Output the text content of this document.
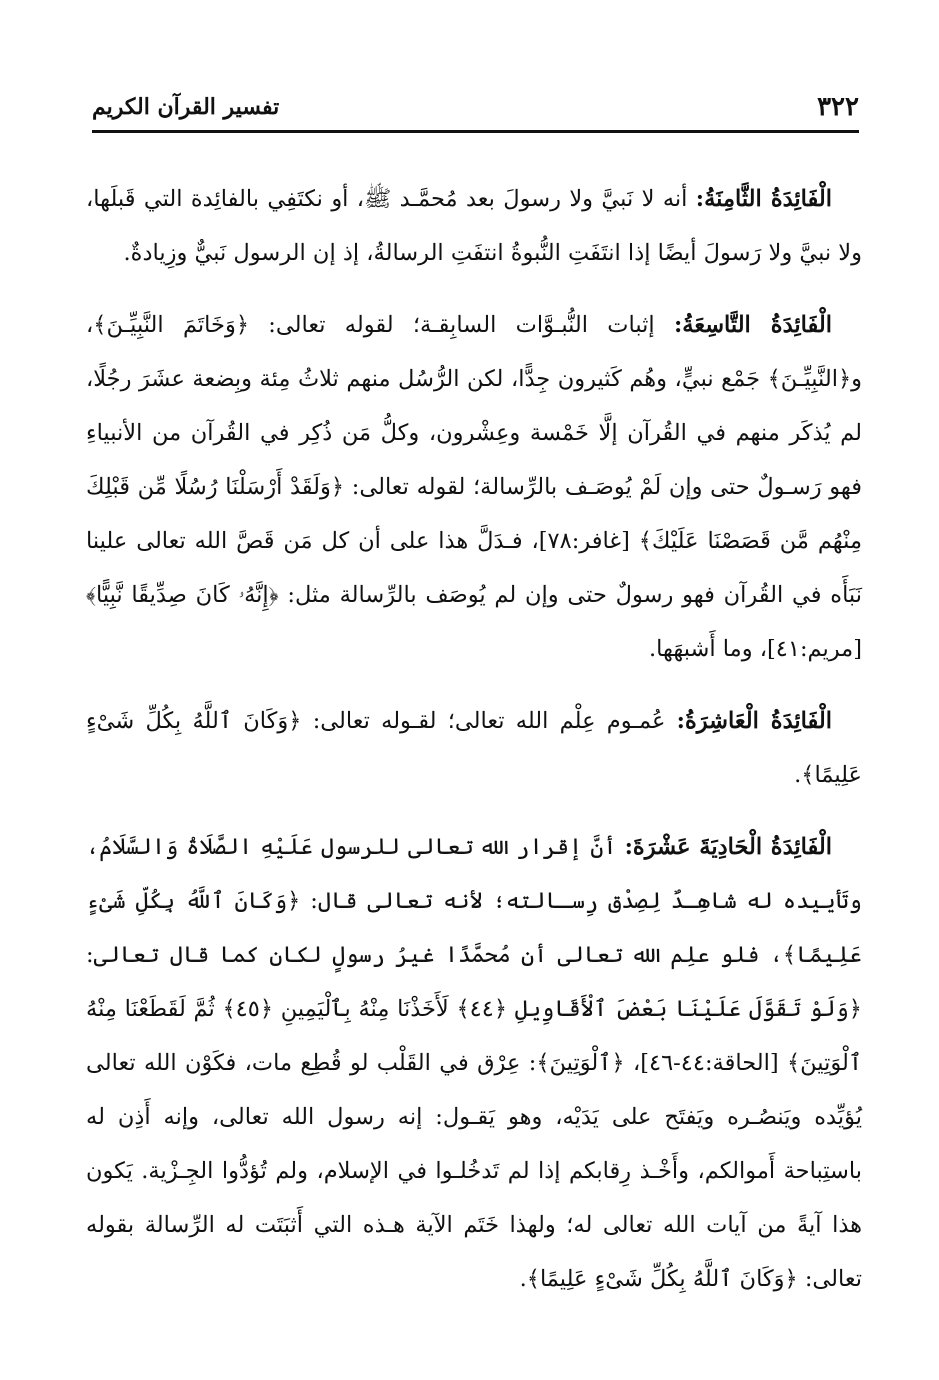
٣٢٢
تفسير القرآن الكريم

الْفَائِدَةُ الثَّامِنَةُ: أنه لا نَبيَّ ولا رسولَ بعد مُحمَّـد ﷺ، أو نكتَفِي بالفائِدة التي قَبلَها، ولا نبيَّ ولا رَسولَ أيضًا إذا انتَفَتِ النُّبوةُ انتفَتِ الرسالةُ، إذ إن الرسول نَبيٌّ وزِيادةٌ.

الْفَائِدَةُ التَّاسِعَةُ: إثبات النُّبـوَّات السابِقـة؛ لقوله تعالى: ﴿وَخَاتَمَ النَّبِيِّـنَ﴾، و﴿النَّبِيِّـنَ﴾ جَمْع نبيٍّ، وهُم كَثيرون جِدًّا، لكن الرُّسُل منهم ثلاثُ مِئة وبِضعة عشَرَ رجُلًا، لم يُذكَر منهم في القُرآن إلَّا خَمْسة وعِشْرون، وكلُّ مَن ذُكِر في القُرآن من الأنبياءِ فهو رَسـولٌ حتى وإن لَمْ يُوصَـف بالرِّسالة؛ لقوله تعالى: ﴿وَلَقَدْ أَرْسَلْنَا رُسُلًا مِّن قَبْلِكَ مِنْهُم مَّن قَصَصْنَا عَلَيْكَ﴾ [غافر:٧٨]، فـدَلَّ هذا على أن كل مَن قَصَّ الله تعالى علينا نَبَأَه في القُرآن فهو رسولٌ حتى وإن لم يُوصَف بالرِّسالة مثل: ﴿إِنَّهُۥ كَانَ صِدِّيقًا نَّبِيًّا﴾ [مريم:٤١]، وما أَشبهَها.

الْفَائِدَةُ الْعَاشِرَةُ: عُمـوم عِلْم الله تعالى؛ لقـوله تعالى: ﴿وَكَانَ ٱللَّهُ بِكُلِّ شَىْءٍ عَلِيمًا﴾.

الْفَائِدَةُ الْحَادِيَةَ عَشْرَةَ: أنَّ إقرار الله تعالى للرسول عَلَيْهِ الصَّلَاةُ وَالسَّلَامُ، وتَأييده له شاهِـدٌ لِصِدْق رِسـالته؛ لأنه تعالى قال: ﴿وَكَانَ ٱللَّهُ بِكُلِّ شَىْءٍ عَلِيمًا﴾، فلو علِم الله تعالى أن مُحمَّدًا غيرُ رسولٍ لكان كما قال تعالى: ﴿وَلَوْ تَقَوَّلَ عَلَيْنَا بَعْضَ ٱلْأَقَاوِيلِ ﴿٤٤﴾ لَأَخَذْنَا مِنْهُ بِٱلْيَمِينِ ﴿٤٥﴾ ثُمَّ لَقَطَعْنَا مِنْهُ ٱلْوَتِينَ﴾ [الحاقة:٤٤-٤٦]، ﴿ٱلْوَتِينَ﴾: عِرْق في القَلْب لو قُطِع مات، فكَوْن الله تعالى يُؤيِّده ويَنصُـره ويَفتَح على يَدَيْه، وهو يَقـول: إنه رسول الله تعالى، وإنه أَذِن له باستِباحة أَموالكم، وأَخْـذ رِقابكم إذا لم تَدخُلـوا في الإسلام، ولم تُؤدُّوا الجِـزْية. يَكون هذا آيةً من آيات الله تعالى له؛ ولهذا خَتَم الآية هـذه التي أَثبَتَت له الرِّسالة بقوله تعالى: ﴿وَكَانَ ٱللَّهُ بِكُلِّ شَىْءٍ عَلِيمًا﴾.
